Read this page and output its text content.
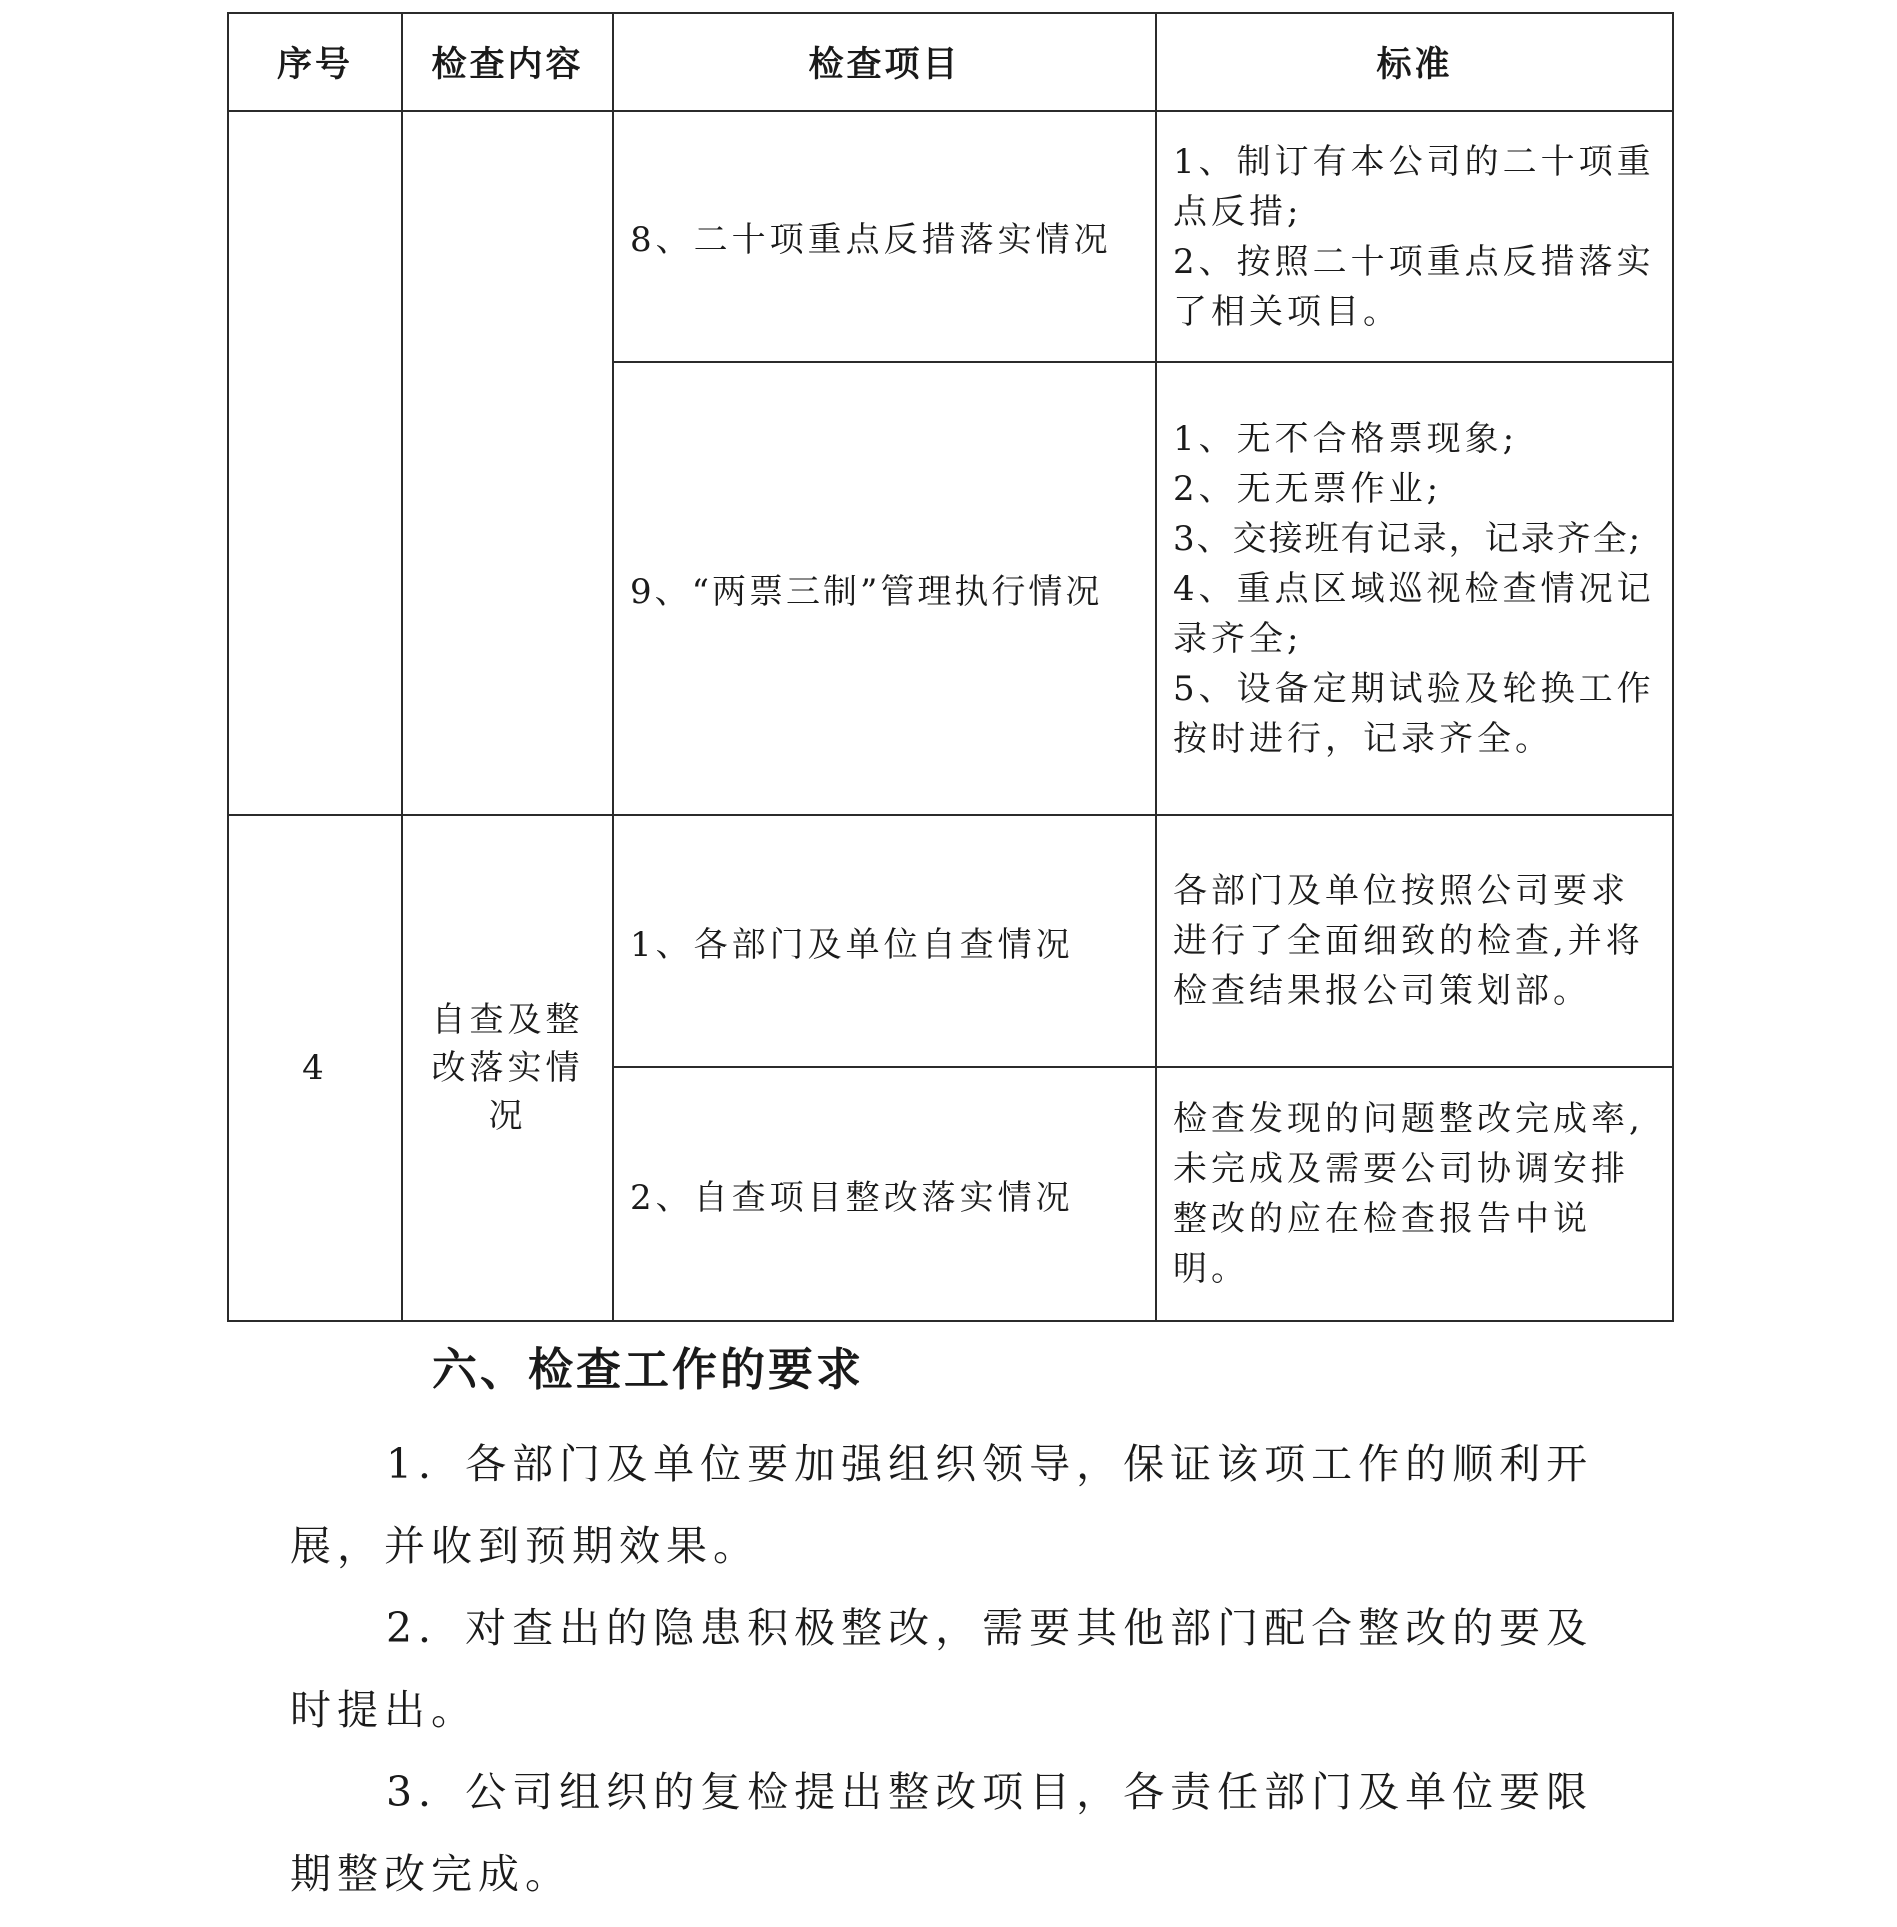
序号	检查内容	检查项目	标准
		8、二十项重点反措落实情况	1、制订有本公司的二十项重点反措;
2、按照二十项重点反措落实了相关项目。

		9、“两票三制”管理执行情况	1、无不合格票现象;
2、无无票作业;
3、交接班有记录，记录齐全;
4、重点区域巡视检查情况记录齐全;
5、设备定期试验及轮换工作按时进行，记录齐全。

4	自查及整改落实情况	1、各部门及单位自查情况	各部门及单位按照公司要求进行了全面细致的检查,并将检查结果报公司策划部。

		2、自查项目整改落实情况	检查发现的问题整改完成率,未完成及需要公司协调安排整改的应在检查报告中说明。
六、检查工作的要求

1．各部门及单位要加强组织领导，保证该项工作的顺利开展，并收到预期效果。

2．对查出的隐患积极整改，需要其他部门配合整改的要及时提出。

3．公司组织的复检提出整改项目，各责任部门及单位要限期整改完成。
